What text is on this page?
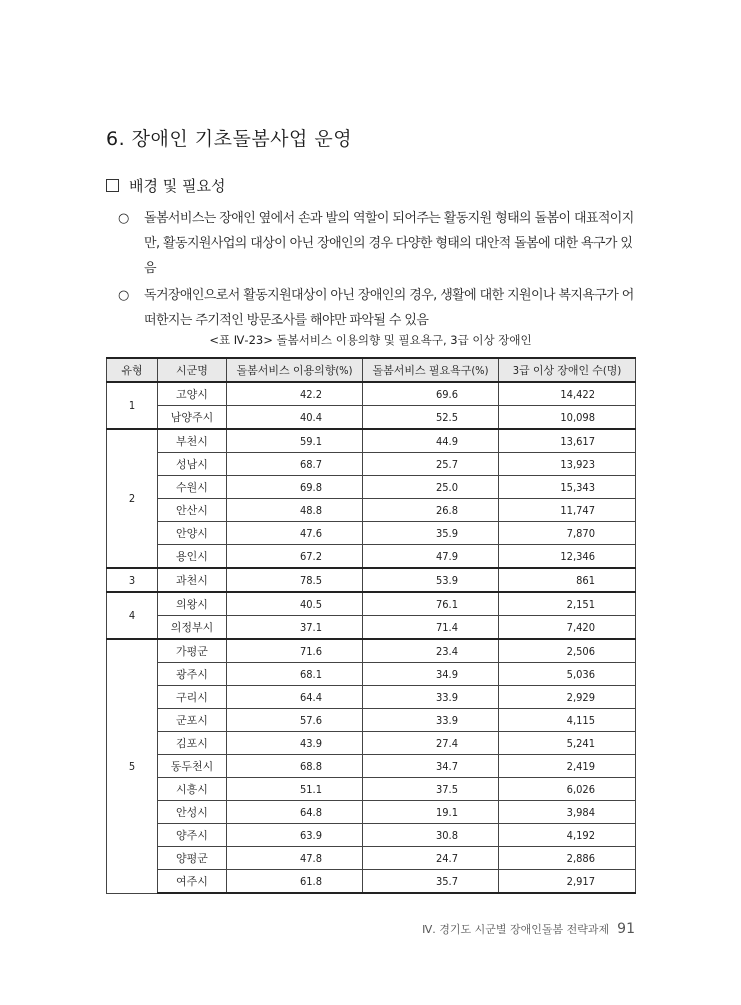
6. 장애인 기초돌봄사업 운영
배경 및 필요성
○ 돌봄서비스는 장애인 옆에서 손과 발의 역할이 되어주는 활동지원 형태의 돌봄이 대표적이지만, 활동지원사업의 대상이 아닌 장애인의 경우 다양한 형태의 대안적 돌봄에 대한 욕구가 있음
○ 독거장애인으로서 활동지원대상이 아닌 장애인의 경우, 생활에 대한 지원이나 복지욕구가 어떠한지는 주기적인 방문조사를 해야만 파악될 수 있음
<표 Ⅳ-23> 돌봄서비스 이용의향 및 필요욕구, 3급 이상 장애인
유형	시군명	돌봄서비스 이용의향(%)	돌봄서비스 필요욕구(%)	3급 이상 장애인 수(명)
1	고양시	42.2	69.6	14,422
	남양주시	40.4	52.5	10,098
2	부천시	59.1	44.9	13,617
	성남시	68.7	25.7	13,923
	수원시	69.8	25.0	15,343
	안산시	48.8	26.8	11,747
	안양시	47.6	35.9	7,870
	용인시	67.2	47.9	12,346
3	과천시	78.5	53.9	861
4	의왕시	40.5	76.1	2,151
	의정부시	37.1	71.4	7,420
5	가평군	71.6	23.4	2,506
	광주시	68.1	34.9	5,036
	구리시	64.4	33.9	2,929
	군포시	57.6	33.9	4,115
	김포시	43.9	27.4	5,241
	동두천시	68.8	34.7	2,419
	시흥시	51.1	37.5	6,026
	안성시	64.8	19.1	3,984
	양주시	63.9	30.8	4,192
	양평군	47.8	24.7	2,886
	여주시	61.8	35.7	2,917
Ⅳ. 경기도 시군별 장애인돌봄 전략과제 91
